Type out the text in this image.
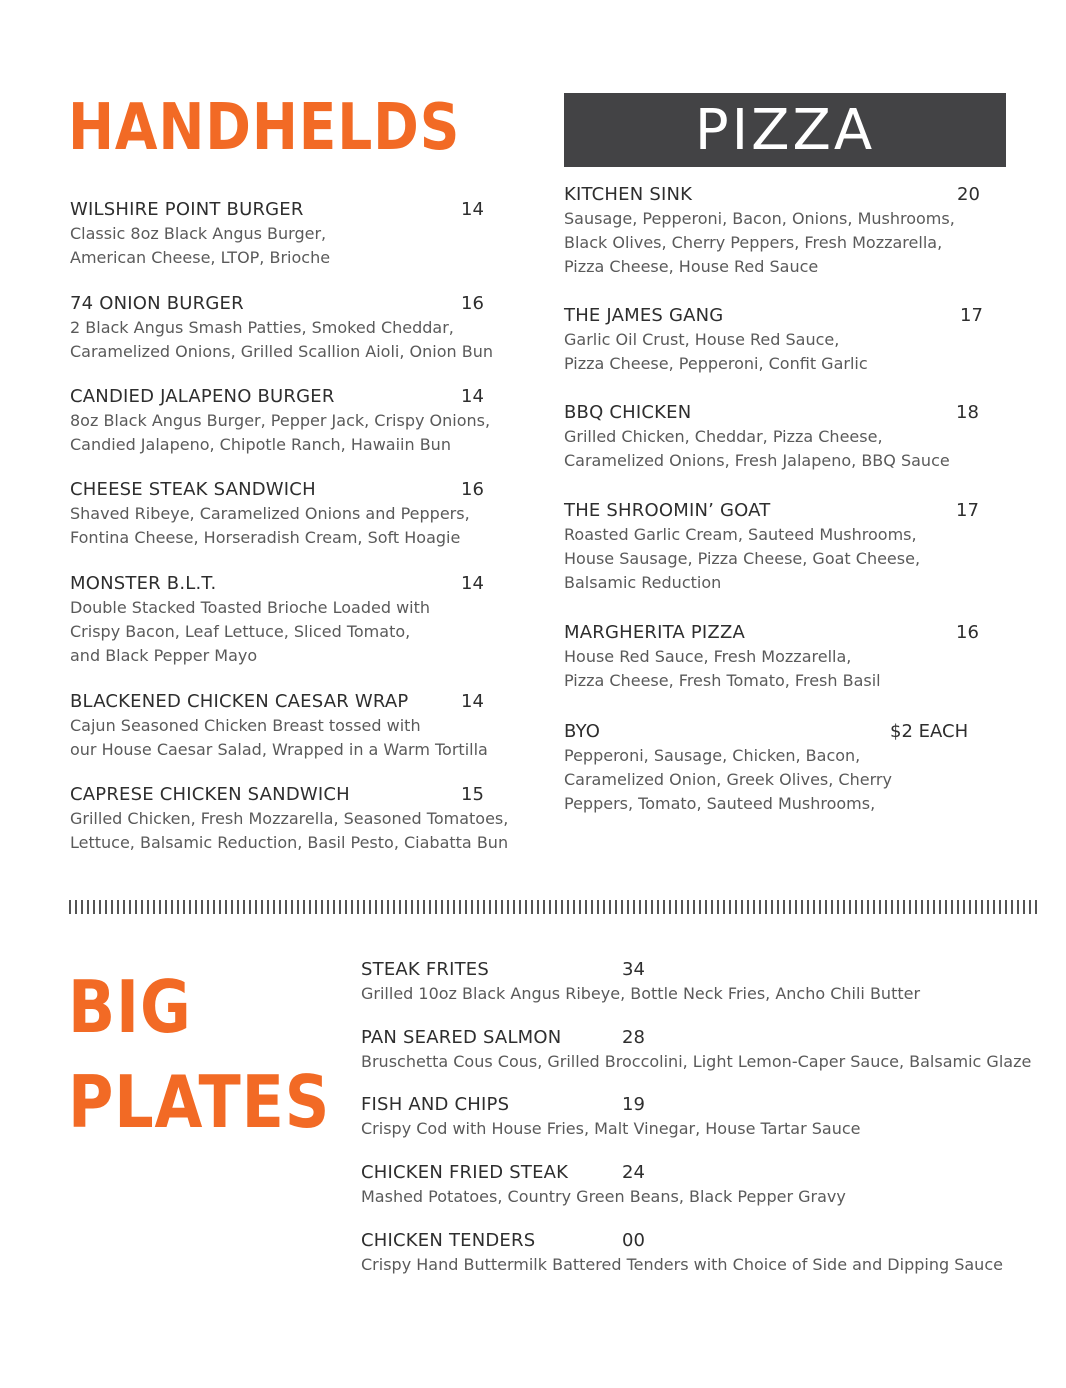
HANDHELDS
WILSHIRE POINT BURGER	14
Classic 8oz Black Angus Burger,
American Cheese, LTOP, Brioche
74 ONION BURGER	16
2 Black Angus Smash Patties, Smoked Cheddar,
Caramelized Onions, Grilled Scallion Aioli, Onion Bun
CANDIED JALAPENO BURGER	14
8oz Black Angus Burger, Pepper Jack, Crispy Onions,
Candied Jalapeno, Chipotle Ranch, Hawaiin Bun
CHEESE STEAK SANDWICH	16
Shaved Ribeye, Caramelized Onions and Peppers,
Fontina Cheese, Horseradish Cream, Soft Hoagie
MONSTER B.L.T.	14
Double Stacked Toasted Brioche Loaded with
Crispy Bacon, Leaf Lettuce, Sliced Tomato,
and Black Pepper Mayo
BLACKENED CHICKEN CAESAR WRAP	14
Cajun Seasoned Chicken Breast tossed with
our House Caesar Salad, Wrapped in a Warm Tortilla
CAPRESE CHICKEN SANDWICH	15
Grilled Chicken, Fresh Mozzarella, Seasoned Tomatoes,
Lettuce, Balsamic Reduction, Basil Pesto, Ciabatta Bun
PIZZA
KITCHEN SINK	20
Sausage, Pepperoni, Bacon, Onions, Mushrooms,
Black Olives, Cherry Peppers, Fresh Mozzarella,
Pizza Cheese, House Red Sauce
THE JAMES GANG	17
Garlic Oil Crust, House Red Sauce,
Pizza Cheese, Pepperoni, Confit Garlic
BBQ CHICKEN	18
Grilled Chicken, Cheddar, Pizza Cheese,
Caramelized Onions, Fresh Jalapeno, BBQ Sauce
THE SHROOMIN’ GOAT	17
Roasted Garlic Cream, Sauteed Mushrooms,
House Sausage, Pizza Cheese, Goat Cheese,
Balsamic Reduction
MARGHERITA PIZZA	16
House Red Sauce, Fresh Mozzarella,
Pizza Cheese, Fresh Tomato, Fresh Basil
BYO	$2 EACH
Pepperoni, Sausage, Chicken, Bacon,
Caramelized Onion, Greek Olives, Cherry
Peppers, Tomato, Sauteed Mushrooms,
BIG
PLATES
STEAK FRITES	34
Grilled 10oz Black Angus Ribeye, Bottle Neck Fries, Ancho Chili Butter
PAN SEARED SALMON	28
Bruschetta Cous Cous, Grilled Broccolini, Light Lemon-Caper Sauce, Balsamic Glaze
FISH AND CHIPS	19
Crispy Cod with House Fries, Malt Vinegar, House Tartar Sauce
CHICKEN FRIED STEAK	24
Mashed Potatoes, Country Green Beans, Black Pepper Gravy
CHICKEN TENDERS	00
Crispy Hand Buttermilk Battered Tenders with Choice of Side and Dipping Sauce
